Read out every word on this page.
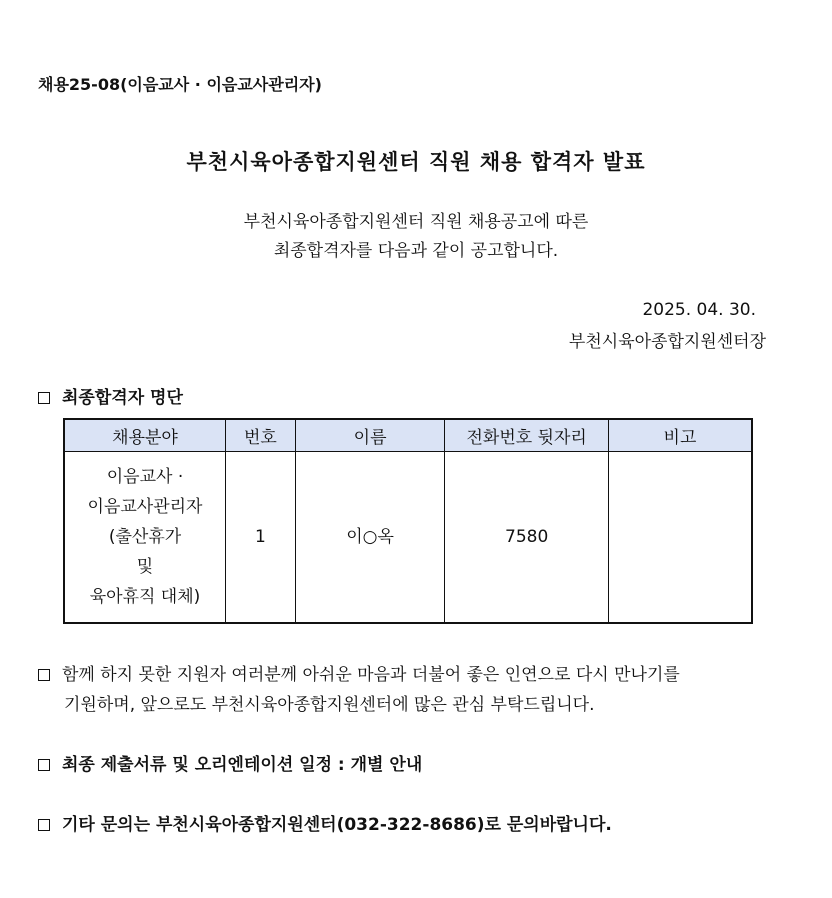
채용25-08(이음교사 · 이음교사관리자)
부천시육아종합지원센터 직원 채용 합격자 발표
부천시육아종합지원센터 직원 채용공고에 따른
최종합격자를 다음과 같이 공고합니다.
2025. 04. 30.
부천시육아종합지원센터장
최종합격자 명단
채용분야	번호	이름	전화번호 뒷자리	비고

이음교사 ·
이음교사관리자
(출산휴가
및
육아휴직 대체)	1	이○옥	7580	
함께 하지 못한 지원자 여러분께 아쉬운 마음과 더불어 좋은 인연으로 다시 만나기를
기원하며, 앞으로도 부천시육아종합지원센터에 많은 관심 부탁드립니다.
최종 제출서류 및 오리엔테이션 일정 : 개별 안내
기타 문의는 부천시육아종합지원센터(032-322-8686)로 문의바랍니다.
